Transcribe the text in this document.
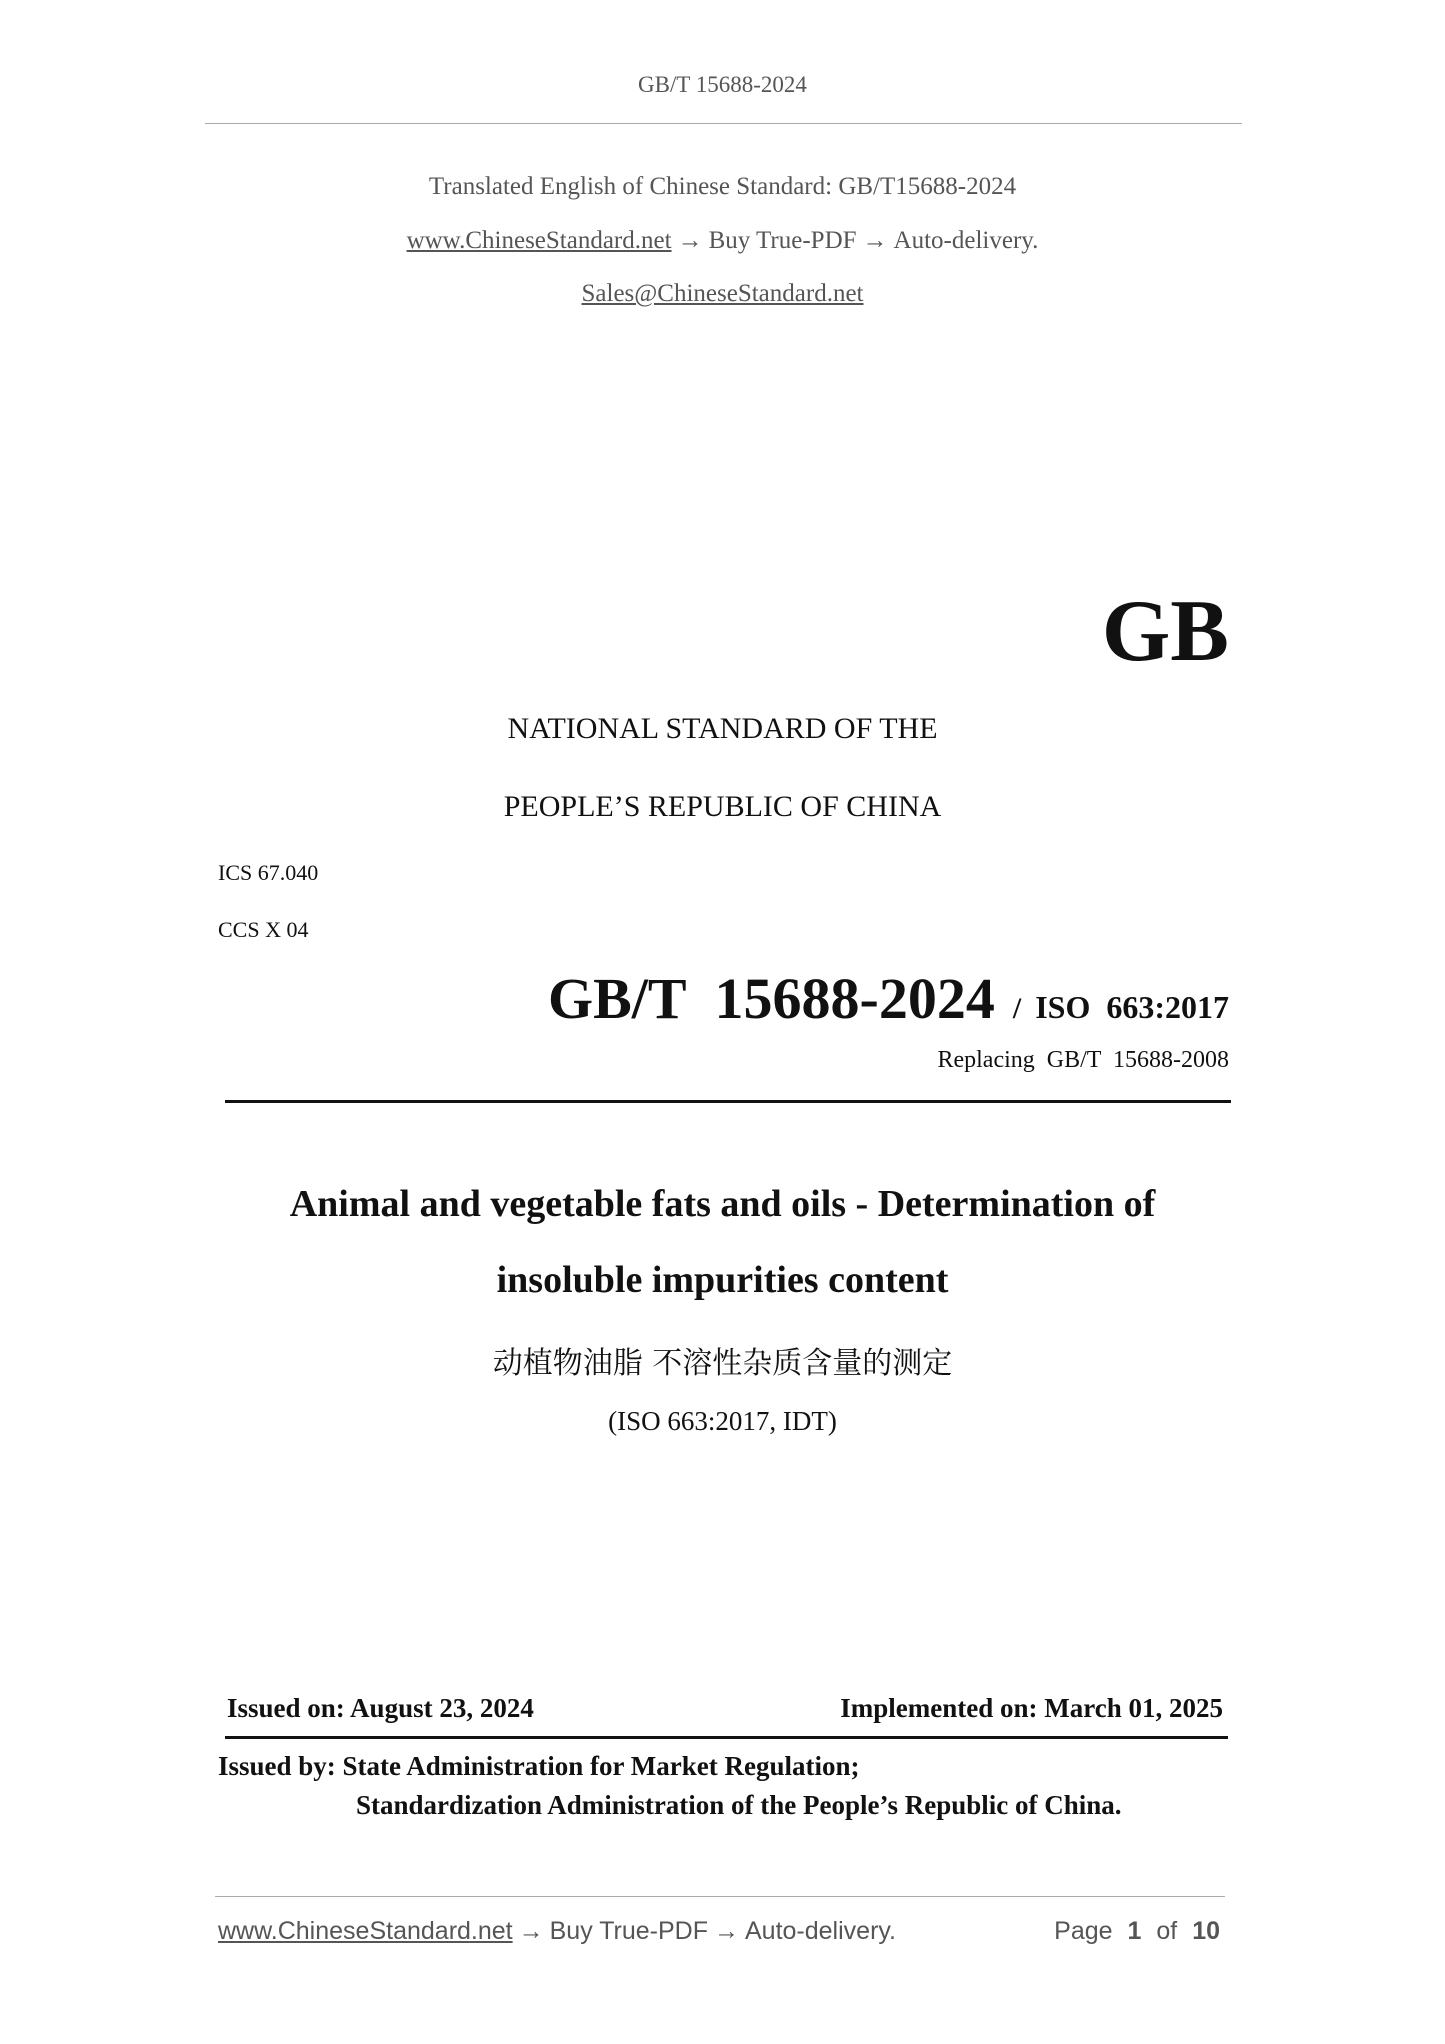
GB/T 15688-2024
Translated English of Chinese Standard: GB/T15688-2024
www.ChineseStandard.net → Buy True-PDF → Auto-delivery.
Sales@ChineseStandard.net
GB
NATIONAL STANDARD OF THE
PEOPLE’S REPUBLIC OF CHINA
ICS 67.040
CCS X 04
GB/T  15688-2024 / ISO  663:2017
Replacing  GB/T  15688-2008
Animal and vegetable fats and oils - Determination of
insoluble impurities content
动植物油脂 不溶性杂质含量的测定
(ISO 663:2017, IDT)
Issued on: August 23, 2024	Implemented on: March 01, 2025
Issued by: State Administration for Market Regulation;
Standardization Administration of the People’s Republic of China.
www.ChineseStandard.net → Buy True-PDF → Auto-delivery.	Page 1 of 10
